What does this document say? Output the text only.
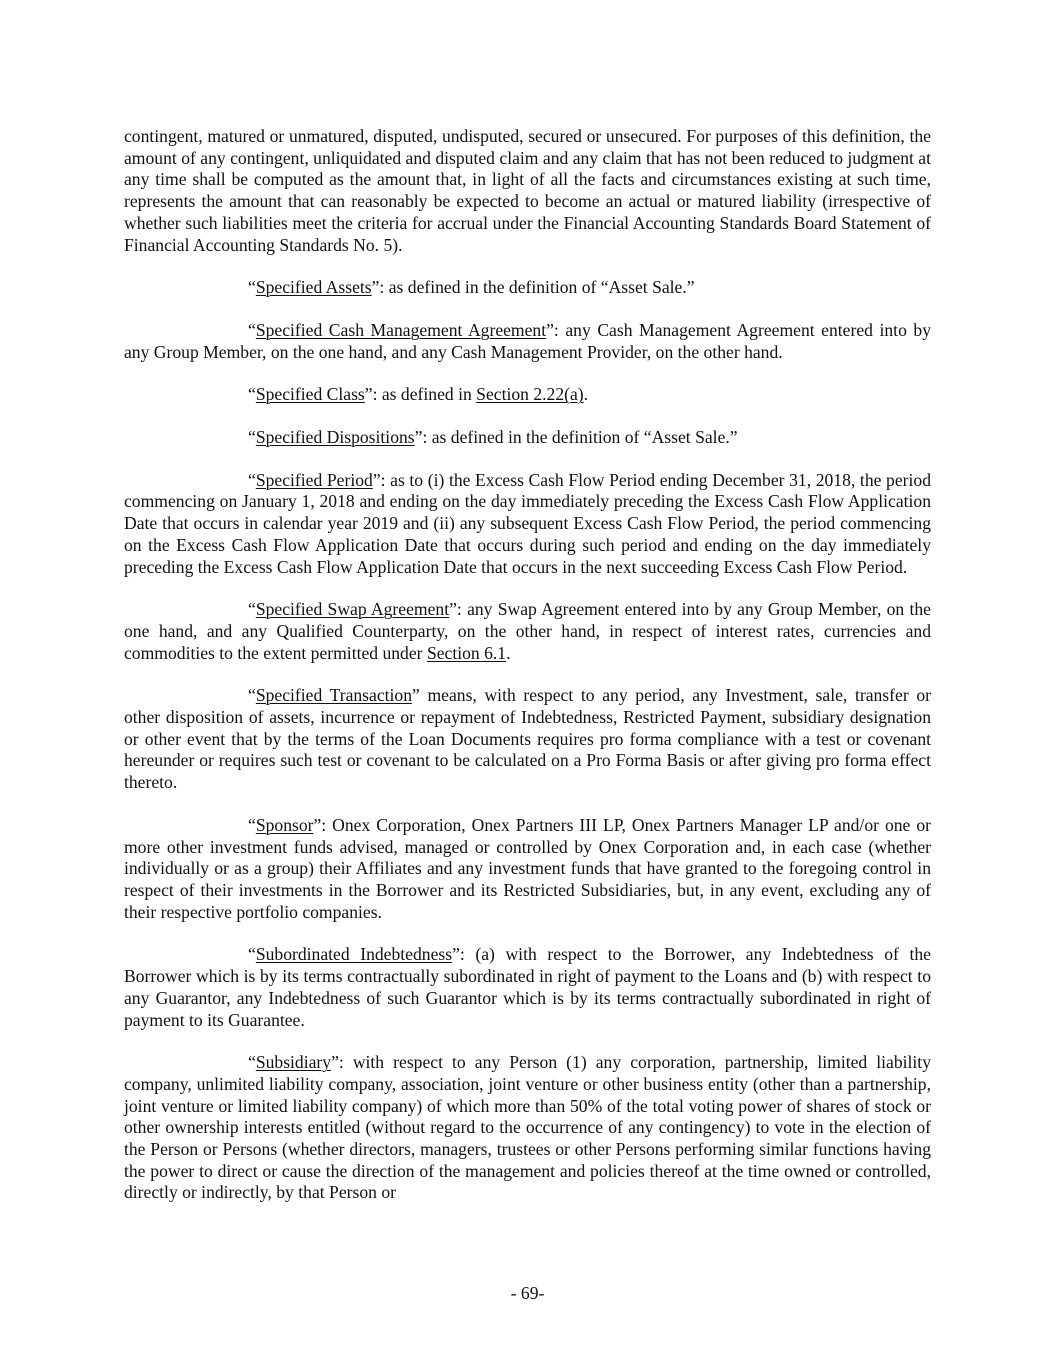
contingent, matured or unmatured, disputed, undisputed, secured or unsecured. For purposes of this definition, the amount of any contingent, unliquidated and disputed claim and any claim that has not been reduced to judgment at any time shall be computed as the amount that, in light of all the facts and circumstances existing at such time, represents the amount that can reasonably be expected to become an actual or matured liability (irrespective of whether such liabilities meet the criteria for accrual under the Financial Accounting Standards Board Statement of Financial Accounting Standards No. 5).

“Specified Assets”: as defined in the definition of “Asset Sale.”

“Specified Cash Management Agreement”: any Cash Management Agreement entered into by any Group Member, on the one hand, and any Cash Management Provider, on the other hand.

“Specified Class”: as defined in Section 2.22(a).

“Specified Dispositions”: as defined in the definition of “Asset Sale.”

“Specified Period”: as to (i) the Excess Cash Flow Period ending December 31, 2018, the period commencing on January 1, 2018 and ending on the day immediately preceding the Excess Cash Flow Application Date that occurs in calendar year 2019 and (ii) any subsequent Excess Cash Flow Period, the period commencing on the Excess Cash Flow Application Date that occurs during such period and ending on the day immediately preceding the Excess Cash Flow Application Date that occurs in the next succeeding Excess Cash Flow Period.

“Specified Swap Agreement”: any Swap Agreement entered into by any Group Member, on the one hand, and any Qualified Counterparty, on the other hand, in respect of interest rates, currencies and commodities to the extent permitted under Section 6.1.

“Specified Transaction” means, with respect to any period, any Investment, sale, transfer or other disposition of assets, incurrence or repayment of Indebtedness, Restricted Payment, subsidiary designation or other event that by the terms of the Loan Documents requires pro forma compliance with a test or covenant hereunder or requires such test or covenant to be calculated on a Pro Forma Basis or after giving pro forma effect thereto.

“Sponsor”: Onex Corporation, Onex Partners III LP, Onex Partners Manager LP and/or one or more other investment funds advised, managed or controlled by Onex Corporation and, in each case (whether individually or as a group) their Affiliates and any investment funds that have granted to the foregoing control in respect of their investments in the Borrower and its Restricted Subsidiaries, but, in any event, excluding any of their respective portfolio companies.

“Subordinated Indebtedness”: (a) with respect to the Borrower, any Indebtedness of the Borrower which is by its terms contractually subordinated in right of payment to the Loans and (b) with respect to any Guarantor, any Indebtedness of such Guarantor which is by its terms contractually subordinated in right of payment to its Guarantee.

“Subsidiary”: with respect to any Person (1) any corporation, partnership, limited liability company, unlimited liability company, association, joint venture or other business entity (other than a partnership, joint venture or limited liability company) of which more than 50% of the total voting power of shares of stock or other ownership interests entitled (without regard to the occurrence of any contingency) to vote in the election of the Person or Persons (whether directors, managers, trustees or other Persons performing similar functions having the power to direct or cause the direction of the management and policies thereof at the time owned or controlled, directly or indirectly, by that Person or

- 69-
